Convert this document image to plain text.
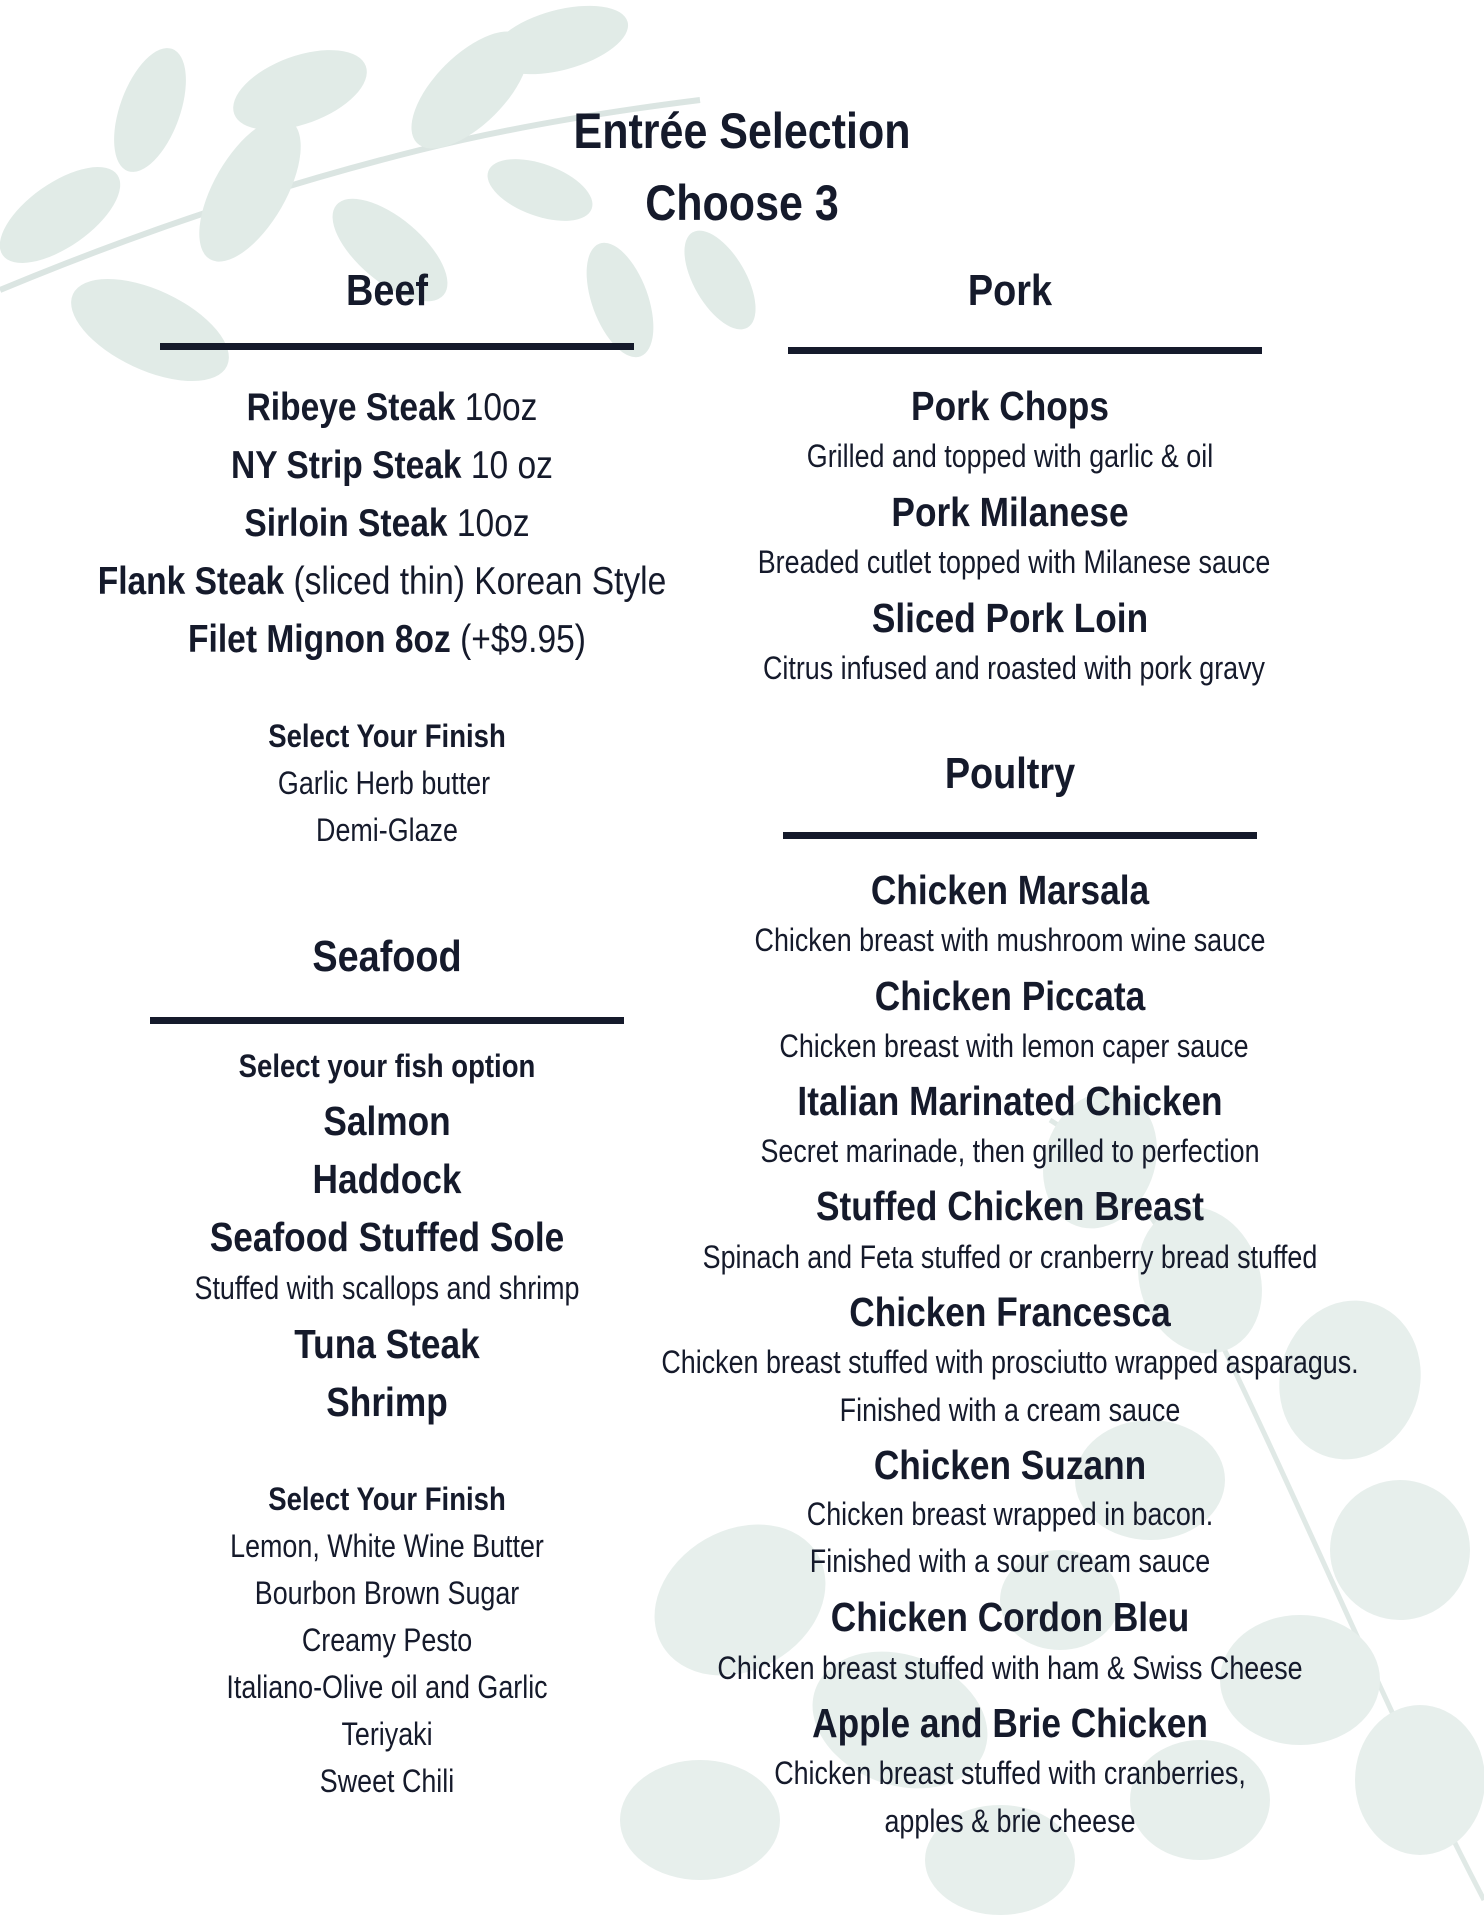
Entrée Selection
Choose 3
Beef
Ribeye Steak 10oz
NY Strip Steak 10 oz
Sirloin Steak 10oz
Flank Steak (sliced thin) Korean Style
Filet Mignon 8oz (+$9.95)
Select Your Finish
Garlic Herb butter
Demi-Glaze
Seafood
Select your fish option
Salmon
Haddock
Seafood Stuffed Sole
Stuffed with scallops and shrimp
Tuna Steak
Shrimp
Select Your Finish
Lemon, White Wine Butter
Bourbon Brown Sugar
Creamy Pesto
Italiano-Olive oil and Garlic
Teriyaki
Sweet Chili
Pork
Pork Chops
Grilled and topped with garlic & oil
Pork Milanese
Breaded cutlet topped with Milanese sauce
Sliced Pork Loin
Citrus infused and roasted with pork gravy
Poultry
Chicken Marsala
Chicken breast with mushroom wine sauce
Chicken Piccata
Chicken breast with lemon caper sauce
Italian Marinated Chicken
Secret marinade, then grilled to perfection
Stuffed Chicken Breast
Spinach and Feta stuffed or cranberry bread stuffed
Chicken Francesca
Chicken breast stuffed with prosciutto wrapped asparagus.
Finished with a cream sauce
Chicken Suzann
Chicken breast wrapped in bacon.
Finished with a sour cream sauce
Chicken Cordon Bleu
Chicken breast stuffed with ham & Swiss Cheese
Apple and Brie Chicken
Chicken breast stuffed with cranberries,
apples & brie cheese
